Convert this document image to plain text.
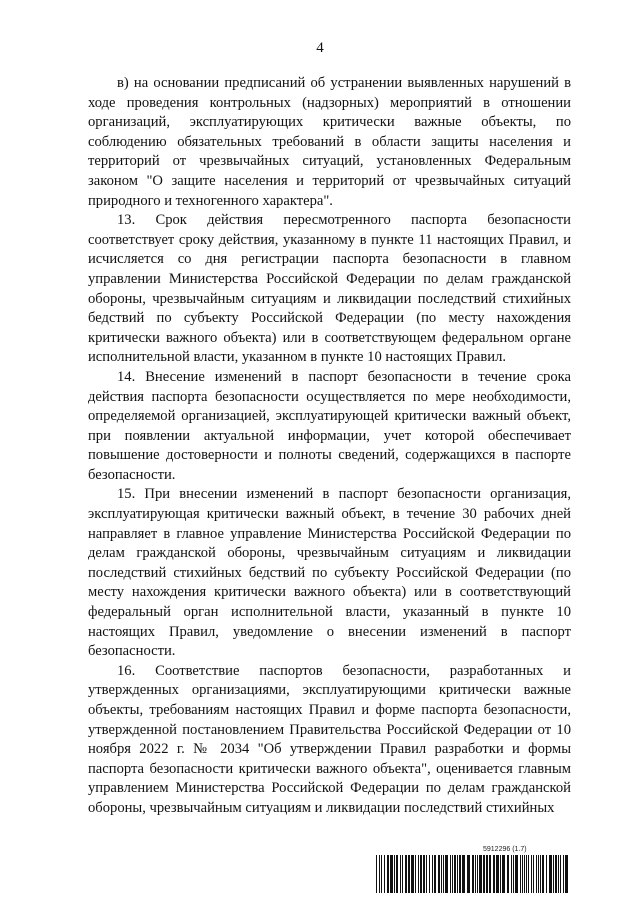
4

в) на основании предписаний об устранении выявленных нарушений в ходе проведения контрольных (надзорных) мероприятий в отношении организаций, эксплуатирующих критически важные объекты, по соблюдению обязательных требований в области защиты населения и территорий от чрезвычайных ситуаций, установленных Федеральным законом "О защите населения и территорий от чрезвычайных ситуаций природного и техногенного характера".

13. Срок действия пересмотренного паспорта безопасности соответствует сроку действия, указанному в пункте 11 настоящих Правил, и исчисляется со дня регистрации паспорта безопасности в главном управлении Министерства Российской Федерации по делам гражданской обороны, чрезвычайным ситуациям и ликвидации последствий стихийных бедствий по субъекту Российской Федерации (по месту нахождения критически важного объекта) или в соответствующем федеральном органе исполнительной власти, указанном в пункте 10 настоящих Правил.

14. Внесение изменений в паспорт безопасности в течение срока действия паспорта безопасности осуществляется по мере необходимости, определяемой организацией, эксплуатирующей критически важный объект, при появлении актуальной информации, учет которой обеспечивает повышение достоверности и полноты сведений, содержащихся в паспорте безопасности.

15. При внесении изменений в паспорт безопасности организация, эксплуатирующая критически важный объект, в течение 30 рабочих дней направляет в главное управление Министерства Российской Федерации по делам гражданской обороны, чрезвычайным ситуациям и ликвидации последствий стихийных бедствий по субъекту Российской Федерации (по месту нахождения критически важного объекта) или в соответствующий федеральный орган исполнительной власти, указанный в пункте 10 настоящих Правил, уведомление о внесении изменений в паспорт безопасности.

16. Соответствие паспортов безопасности, разработанных и утвержденных организациями, эксплуатирующими критически важные объекты, требованиям настоящих Правил и форме паспорта безопасности, утвержденной постановлением Правительства Российской Федерации от 10 ноября 2022 г. № 2034 "Об утверждении Правил разработки и формы паспорта безопасности критически важного объекта", оценивается главным управлением Министерства Российской Федерации по делам гражданской обороны, чрезвычайным ситуациям и ликвидации последствий стихийных

5912296 (1.7)
